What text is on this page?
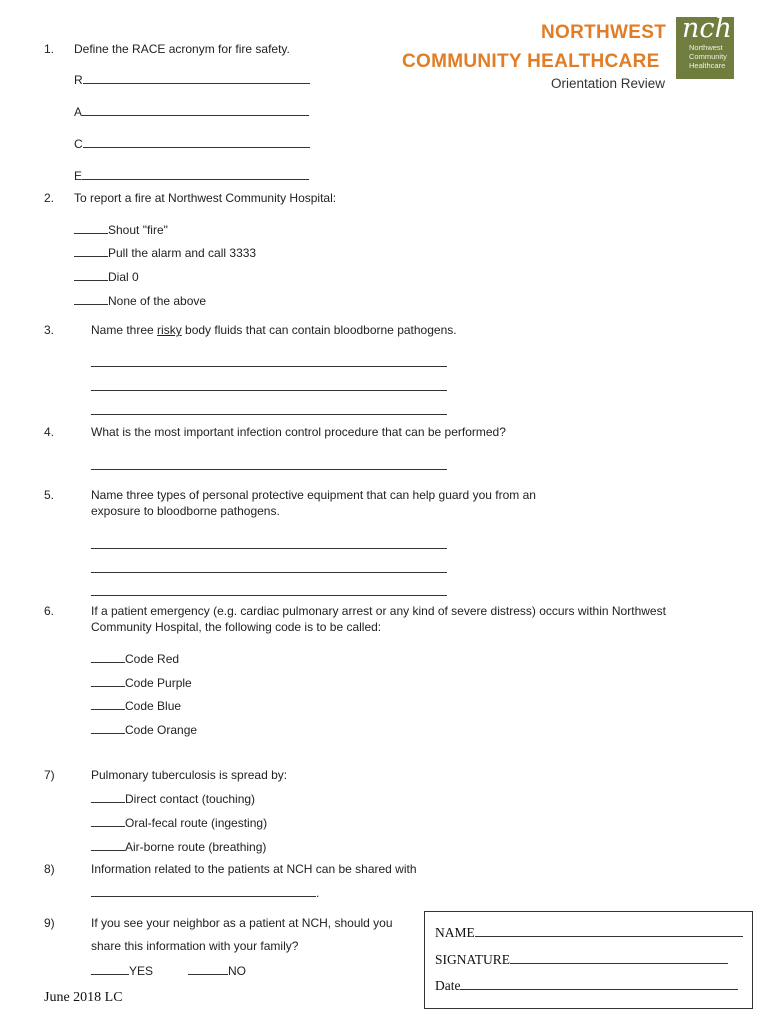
NORTHWEST
COMMUNITY HEALTHCARE
Orientation Review
nch
Northwest
Community
Healthcare
1. Define the RACE acronym for fire safety.
R
A
C
E
2. To report a fire at Northwest Community Hospital:
Shout "fire"
Pull the alarm and call 3333
Dial 0
None of the above
3.	Name three risky body fluids that can contain bloodborne pathogens.
4.	What is the most important infection control procedure that can be performed?
5.	Name three types of personal protective equipment that can help guard you from an
exposure to bloodborne pathogens.
6.	If a patient emergency (e.g. cardiac pulmonary arrest or any kind of severe distress) occurs within Northwest
Community Hospital, the following code is to be called:
Code Red
Code Purple
Code Blue
Code Orange
7)	Pulmonary tuberculosis is spread by:
Direct contact (touching)
Oral-fecal route (ingesting)
Air-borne route (breathing)
8)	Information related to the patients at NCH can be shared with
.
9)	If you see your neighbor as a patient at NCH, should you
share this information with your family?
YES	NO
NAME
SIGNATURE
Date
June 2018 LC
